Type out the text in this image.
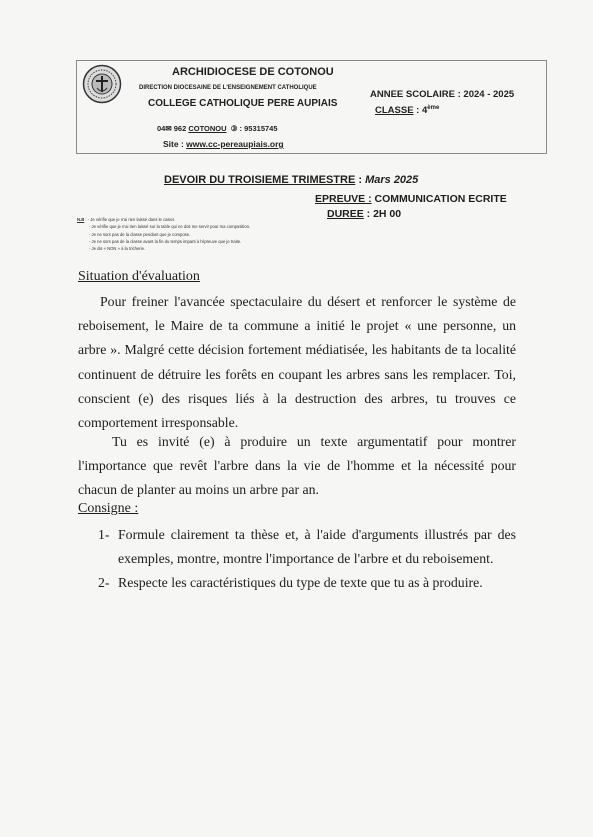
ARCHIDIOCESE DE COTONOU
DIRECTION DIOCESAINE DE L'ENSEIGNEMENT CATHOLIQUE
COLLEGE CATHOLIQUE PERE AUPIAIS
04✉ 962 COTONOU ③ : 95315745
Site : www.cc-pereaupiais.org
ANNEE SCOLAIRE : 2024 - 2025
CLASSE : 4ème
DEVOIR DU TROISIEME TRIMESTRE : Mars 2025
EPREUVE : COMMUNICATION ECRITE
DUREE : 2H 00
N.B : - Je vérifie que je n'ai rien laissé dans le casier.
- Je vérifie que je n'ai rien laissé sur la table qui ne doit me servir pour ma composition.
- Je ne sors pas de la classe pendant que je compose.
- Je ne sors pas de la classe avant la fin du temps imparti à l'épreuve que je traite.
- Je dis « NON » à la tricherie.
Situation d'évaluation
Pour freiner l'avancée spectaculaire du désert et renforcer le système de reboisement, le Maire de ta commune a initié le projet « une personne, un arbre ». Malgré cette décision fortement médiatisée, les habitants de ta localité continuent de détruire les forêts en coupant les arbres sans les remplacer. Toi, conscient (e) des risques liés à la destruction des arbres, tu trouves ce comportement irresponsable.
Tu es invité (e) à produire un texte argumentatif pour montrer l'importance que revêt l'arbre dans la vie de l'homme et la nécessité pour chacun de planter au moins un arbre par an.
Consigne :
1- Formule clairement ta thèse et, à l'aide d'arguments illustrés par des exemples, montre, montre l'importance de l'arbre et du reboisement.
2- Respecte les caractéristiques du type de texte que tu as à produire.
